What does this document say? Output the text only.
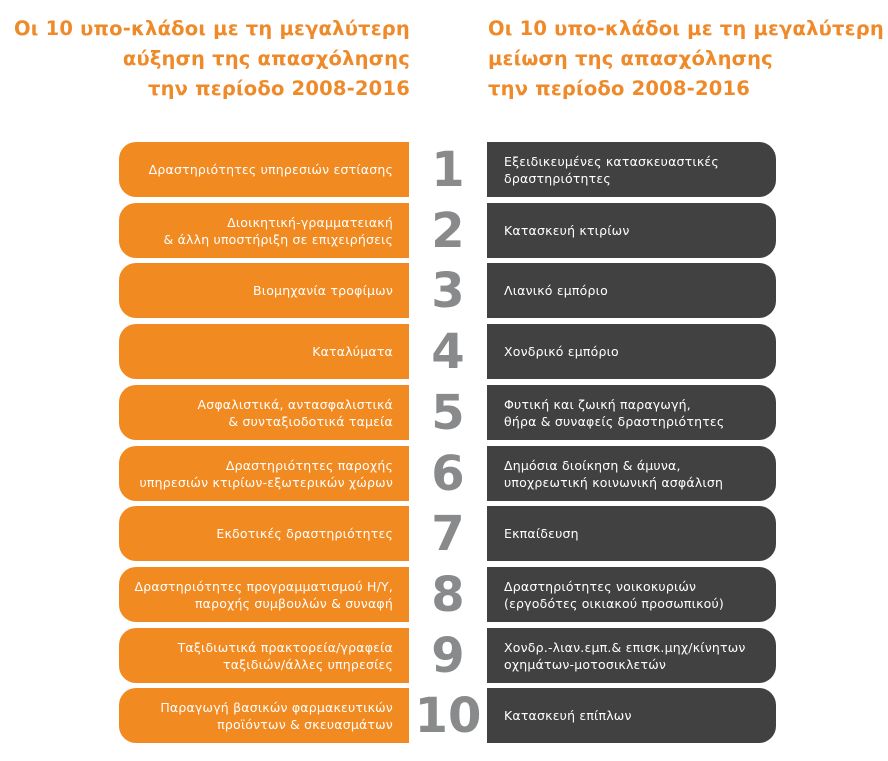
Οι 10 υπο-κλάδοι με τη μεγαλύτερη
αύξηση της απασχόλησης
την περίοδο 2008-2016
Οι 10 υπο-κλάδοι με τη μεγαλύτερη
μείωση της απασχόλησης
την περίοδο 2008-2016
Δραστηριότητες υπηρεσιών εστίασης 1	Εξειδικευμένες κατασκευαστικές
δραστηριότητες
Διοικητική-γραμματειακή
& άλλη υποστήριξη σε επιχειρήσεις 2	Κατασκευή κτιρίων
Βιομηχανία τροφίμων 3	Λιανικό εμπόριο
Καταλύματα 4	Χονδρικό εμπόριο
Ασφαλιστικά, αντασφαλιστικά
& συνταξιοδοτικά ταμεία 5	Φυτική και ζωική παραγωγή,
θήρα & συναφείς δραστηριότητες
Δραστηριότητες παροχής
υπηρεσιών κτιρίων-εξωτερικών χώρων 6	Δημόσια διοίκηση & άμυνα,
υποχρεωτική κοινωνική ασφάλιση
Εκδοτικές δραστηριότητες 7	Εκπαίδευση
Δραστηριότητες προγραμματισμού Η/Υ,
παροχής συμβουλών & συναφή 8	Δραστηριότητες νοικοκυριών
(εργοδότες οικιακού προσωπικού)
Ταξιδιωτικά πρακτορεία/γραφεία
ταξιδιών/άλλες υπηρεσίες 9	Χονδρ.-λιαν.εμπ.& επισκ.μηχ/κίνητων
οχημάτων-μοτοσικλετών
Παραγωγή βασικών φαρμακευτικών
προϊόντων & σκευασμάτων 10	Κατασκευή επίπλων
